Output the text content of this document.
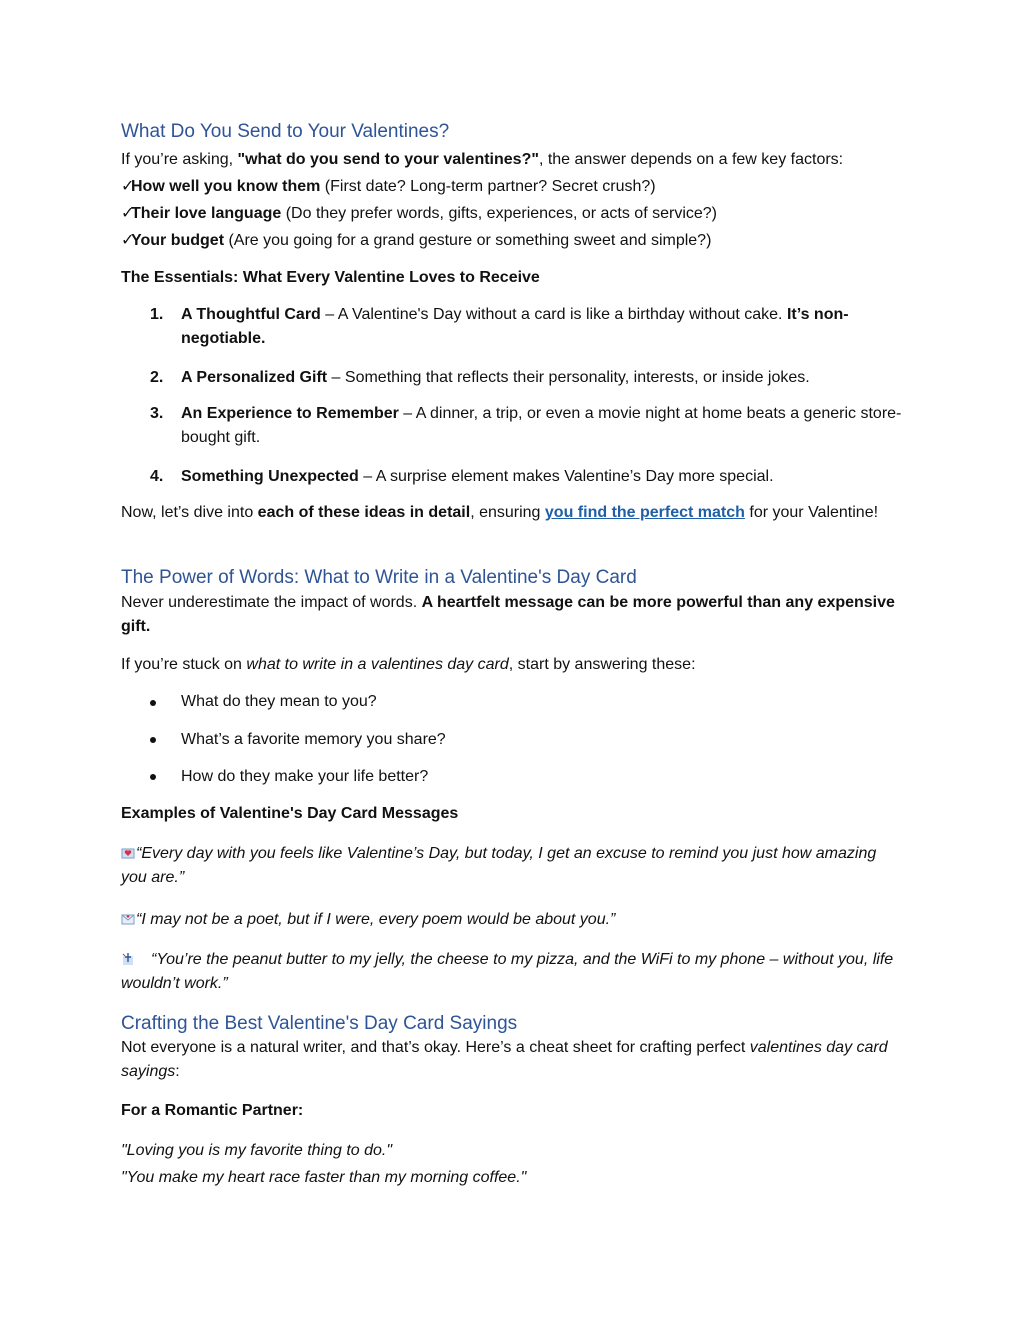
What Do You Send to Your Valentines?
If you’re asking, "what do you send to your valentines?", the answer depends on a few key factors:
✓How well you know them (First date? Long-term partner? Secret crush?)
✓Their love language (Do they prefer words, gifts, experiences, or acts of service?)
✓Your budget (Are you going for a grand gesture or something sweet and simple?)
The Essentials: What Every Valentine Loves to Receive
1. A Thoughtful Card – A Valentine's Day without a card is like a birthday without cake. It’s non-negotiable.
2. A Personalized Gift – Something that reflects their personality, interests, or inside jokes.
3. An Experience to Remember – A dinner, a trip, or even a movie night at home beats a generic store-bought gift.
4. Something Unexpected – A surprise element makes Valentine’s Day more special.
Now, let’s dive into each of these ideas in detail, ensuring you find the perfect match for your Valentine!
The Power of Words: What to Write in a Valentine's Day Card
Never underestimate the impact of words. A heartfelt message can be more powerful than any expensive gift.
If you’re stuck on what to write in a valentines day card, start by answering these:
What do they mean to you?
What’s a favorite memory you share?
How do they make your life better?
Examples of Valentine's Day Card Messages
“Every day with you feels like Valentine’s Day, but today, I get an excuse to remind you just how amazing you are.”
“I may not be a poet, but if I were, every poem would be about you.”
“You’re the peanut butter to my jelly, the cheese to my pizza, and the WiFi to my phone – without you, life wouldn’t work.”
Crafting the Best Valentine's Day Card Sayings
Not everyone is a natural writer, and that’s okay. Here’s a cheat sheet for crafting perfect valentines day card sayings:
For a Romantic Partner:
"Loving you is my favorite thing to do."
"You make my heart race faster than my morning coffee."
